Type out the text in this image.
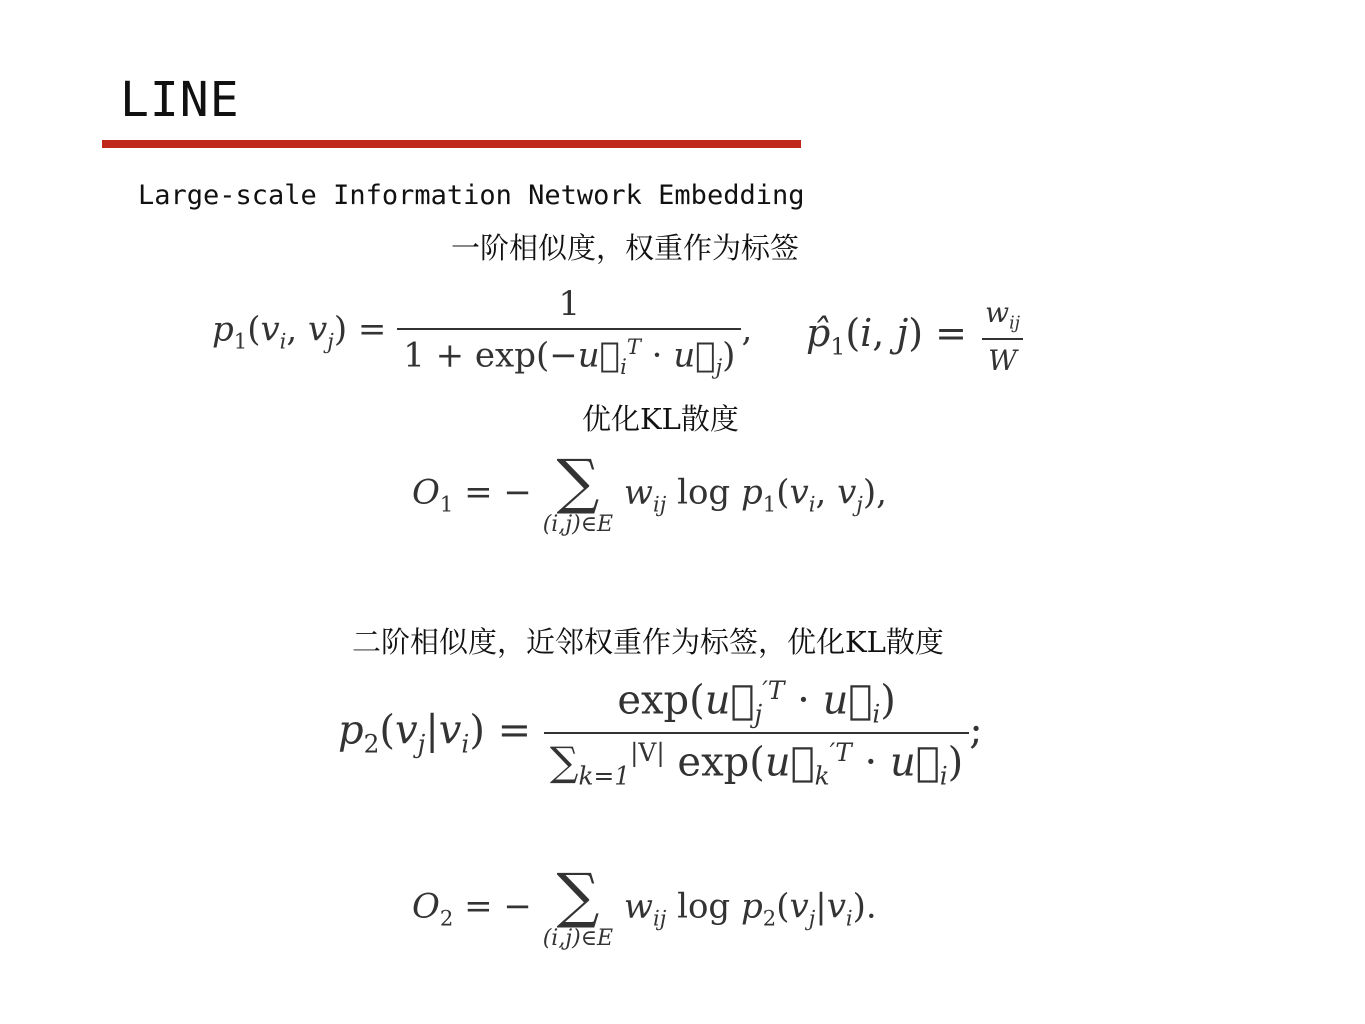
LINE
Large-scale Information Network Embedding
一阶相似度，权重作为标签
$p_1(v_i$, $v_j) = \frac{1}{1 + \exp(-u⃗_i^T \cdot u⃗_j)}$ , $p̂_1(i$, $j) = \frac{w_{ij}}{W}$
优化KL散度
$O_1$ = − ∑
(i,j)∈E
$w_{ij}$ $\log p_1(v_i$, $v_j$),
二阶相似度，近邻权重作为标签，优化KL散度
$p_2(v_j|v_i) = \frac{\exp(u⃗_j^{'T} \cdot u⃗_i)}{\sum_{k=1}^{|V|} \exp(u⃗_k^{'T} \cdot u⃗_i)}$ ;
$O_2$ = − ∑
(i,j)∈E
$w_{ij}$ $\log p_2(v_j|v_i)$.
